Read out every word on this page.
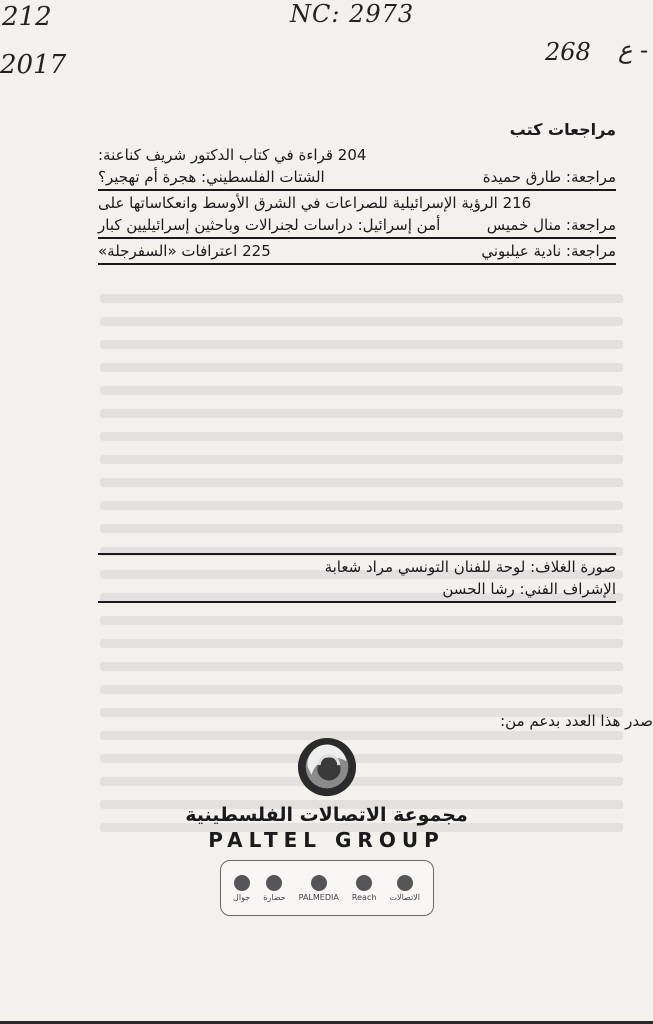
212
2017
NC: 2973
268 ع -
مراجعات كتب
204 قراءة في كتاب الدكتور شريف كناعنة:
الشتات الفلسطيني: هجرة أم تهجير؟	مراجعة: طارق حميدة
216 الرؤية الإسرائيلية للصراعات في الشرق الأوسط وانعكاساتها على
أمن إسرائيل: دراسات لجنرالات وباحثين إسرائيليين كبار	مراجعة: منال خميس
225 اعترافات «السفرجلة»	مراجعة: نادية عيلبوني
صورة الغلاف: لوحة للفنان التونسي مراد شعابة
الإشراف الفني: رشا الحسن
صدر هذا العدد بدعم من:
مجموعة الاتصالات الفلسطينية
PALTEL GROUP
الاتصالات
Reach
PALMEDIA
حضارة
جوال
